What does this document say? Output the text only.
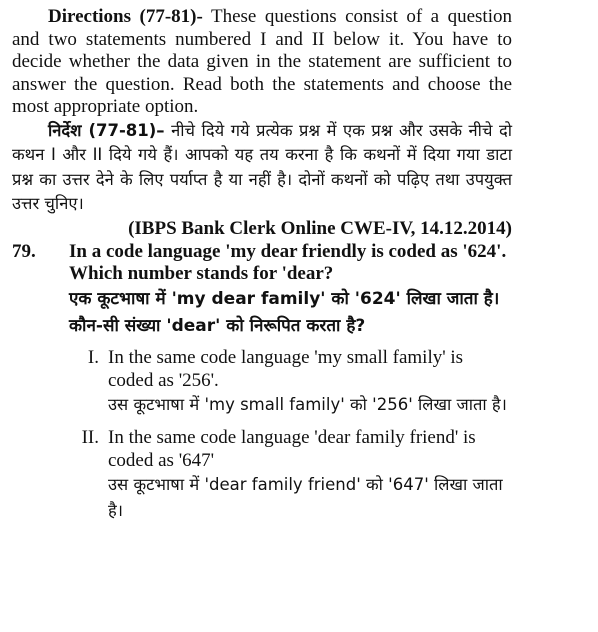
Directions (77-81)- These questions consist of a question and two statements numbered I and II below it. You have to decide whether the data given in the statement are sufficient to answer the question. Read both the statements and choose the most appropriate option.

निर्देश (77-81)– नीचे दिये गये प्रत्येक प्रश्न में एक प्रश्न और उसके नीचे दो कथन I और II दिये गये हैं। आपको यह तय करना है कि कथनों में दिया गया डाटा प्रश्न का उत्तर देने के लिए पर्याप्त है या नहीं है। दोनों कथनों को पढ़िए तथा उपयुक्त उत्तर चुनिए।

(IBPS Bank Clerk Online CWE-IV, 14.12.2014)

79.	In a code language 'my dear friendly is coded as '624'. Which number stands for 'dear?
एक कूटभाषा में 'my dear family' को '624' लिखा जाता है। कौन-सी संख्या 'dear' को निरूपित करता है?
I. In the same code language 'my small family' is coded as '256'.
उस कूटभाषा में 'my small family' को '256' लिखा जाता है।
II. In the same code language 'dear family friend' is coded as '647'
उस कूटभाषा में 'dear family friend' को '647' लिखा जाता है।
